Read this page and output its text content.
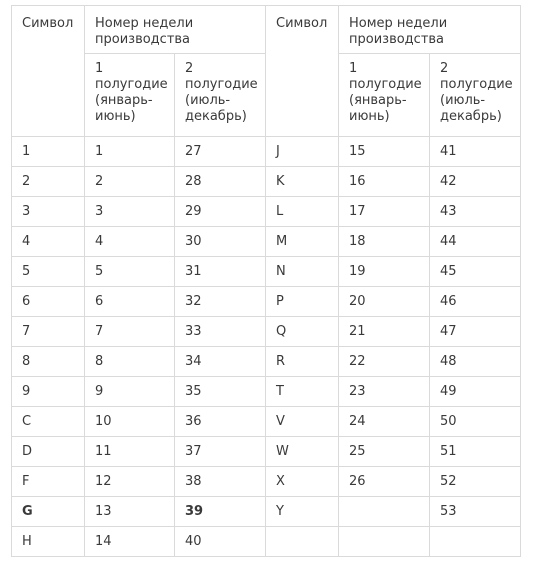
Символ	Номер недели производства		Символ	Номер недели производства	
	1 полугодие (январь-июнь)	2 полугодие (июль-декабрь)		1 полугодие (январь-июнь)	2 полугодие (июль-декабрь)
1	1	27	J	15	41
2	2	28	K	16	42
3	3	29	L	17	43
4	4	30	M	18	44
5	5	31	N	19	45
6	6	32	P	20	46
7	7	33	Q	21	47
8	8	34	R	22	48
9	9	35	T	23	49
C	10	36	V	24	50
D	11	37	W	25	51
F	12	38	X	26	52
G	13	39	Y		53
H	14	40			
